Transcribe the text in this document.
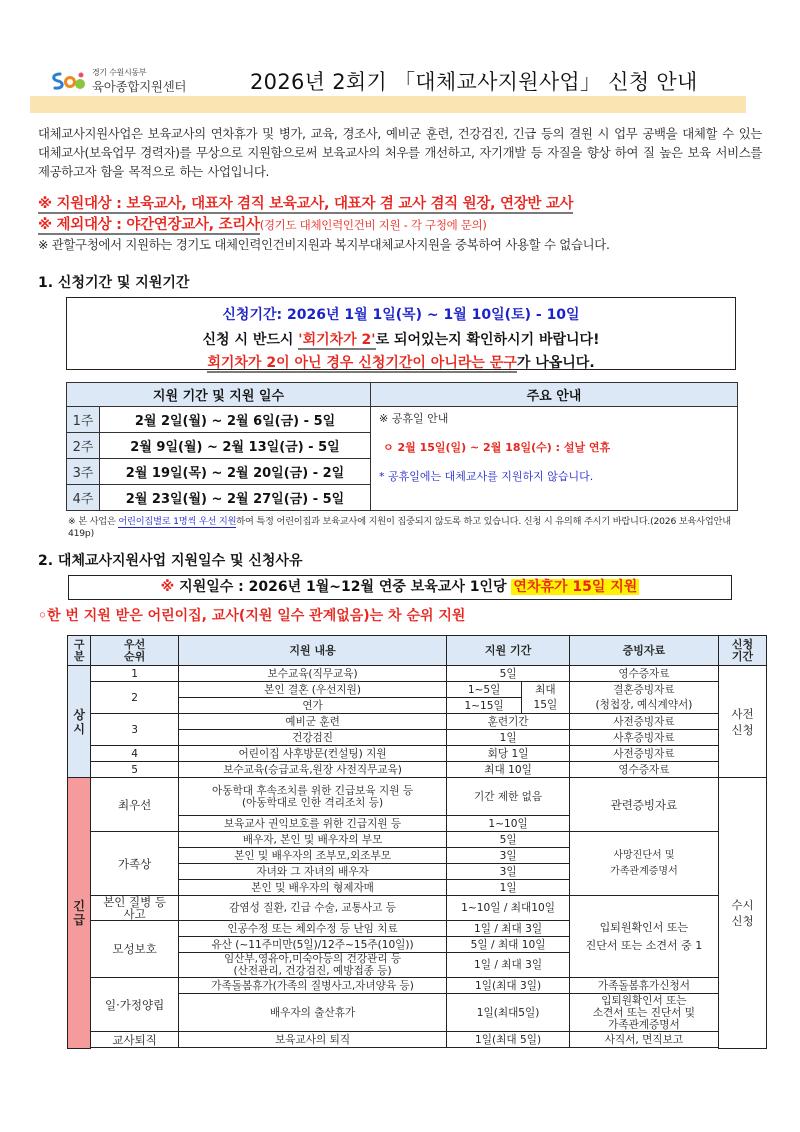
경기 수원시동부
육아종합지원센터	2026년 2회기 「대체교사지원사업」 신청 안내
대체교사지원사업은 보육교사의 연차휴가 및 병가, 교육, 경조사, 예비군 훈련, 건강검진, 긴급 등의 결원 시 업무 공백을 대체할 수 있는 대체교사(보육업무 경력자)를 무상으로 지원함으로써 보육교사의 처우를 개선하고, 자기개발 등 자질을 향상 하여 질 높은 보육 서비스를 제공하고자 함을 목적으로 하는 사업입니다.
※ 지원대상 : 보육교사, 대표자 겸직 보육교사, 대표자 겸 교사 겸직 원장, 연장반 교사
※ 제외대상 : 야간연장교사, 조리사(경기도 대체인력인건비 지원 - 각 구청에 문의)
※ 관할구청에서 지원하는 경기도 대체인력인건비지원과 복지부대체교사지원을 중복하여 사용할 수 없습니다.
1. 신청기간 및 지원기간
신청기간: 2026년 1월 1일(목) ~ 1월 10일(토) - 10일
신청 시 반드시 '회기차가 2'로 되어있는지 확인하시기 바랍니다!
회기차가 2이 아닌 경우 신청기간이 아니라는 문구가 나옵니다.
지원 기간 및 지원 일수		주요 안내
1주	2월 2일(월) ~ 2월 6일(금) - 5일	※ 공휴일 안내
ㅇ 2월 15일(일) ~ 2월 18일(수) : 설날 연휴
* 공휴일에는 대체교사를 지원하지 않습니다.

2주	2월 9일(월) ~ 2월 13일(금) - 5일	
3주	2월 19일(목) ~ 2월 20일(금) - 2일	
4주	2월 23일(월) ~ 2월 27일(금) - 5일	
※ 본 사업은 어린이집별로 1명씩 우선 지원하여 특정 어린이집과 보육교사에 지원이 집중되지 않도록 하고 있습니다. 신청 시 유의해 주시기 바랍니다.(2026 보육사업안내 419p)
2. 대체교사지원사업 지원일수 및 신청사유
※ 지원일수 : 2026년 1월~12월 연중 보육교사 1인당 연차휴가 15일 지원
◦한 번 지원 받은 어린이집, 교사(지원 일수 관계없음)는 차 순위 지원
구
분	우선
순위	지원 내용	지원 기간		증빙자료	신청
기간
상시	1	보수교육(직무교육)	5일		영수증자료	사전
신청
	2	본인 결혼 (우선지원)	1~5일	최대	결혼증빙자료	
		연가	1~15일	15일	(청첩장, 예식계약서)	
	3	예비군 훈련	훈련기간		사전증빙자료	
		건강검진	1일		사후증빙자료	
	4	어린이집 사후방문(컨설팅) 지원	회당 1일		사전증빙자료	
	5	보수교육(승급교육,원장 사전직무교육)	최대 10일		영수증자료	
긴급	최우선	아동학대 후속조치를 위한 긴급보육 지원 등
(아동학대로 인한 격리조치 등)	기간 제한 없음		관련증빙자료	수시
신청
		보육교사 권익보호를 위한 긴급지원 등	1~10일			
	가족상	배우자, 본인 및 배우자의 부모	5일		사망진단서 및
가족관계증명서	
		본인 및 배우자의 조부모,외조부모	3일			
		자녀와 그 자녀의 배우자	3일			
		본인 및 배우자의 형제자매	1일			
	본인 질병 등
사고	감염성 질환, 긴급 수술, 교통사고 등	1~10일 / 최대10일		입퇴원확인서 또는
진단서 또는 소견서 중 1	
	모성보호	인공수정 또는 체외수정 등 난임 치료	1일 / 최대 3일			
		유산 (~11주미만(5일)/12주~15주(10일))	5일 / 최대 10일			
		임산부,영유아,미숙아등의 건강관리 등
(산전관리, 건강검진, 예방접종 등)	1일 / 최대 3일			
	일·가정양립	가족돌봄휴가(가족의 질병사고,자녀양육 등)	1일(최대 3일)		가족돌봄휴가신청서	
		배우자의 출산휴가	1일(최대5일)		입퇴원확인서 또는
소견서 또는 진단서 및
가족관계증명서	
	교사퇴직	보육교사의 퇴직	1일(최대 5일)		사직서, 면직보고	
